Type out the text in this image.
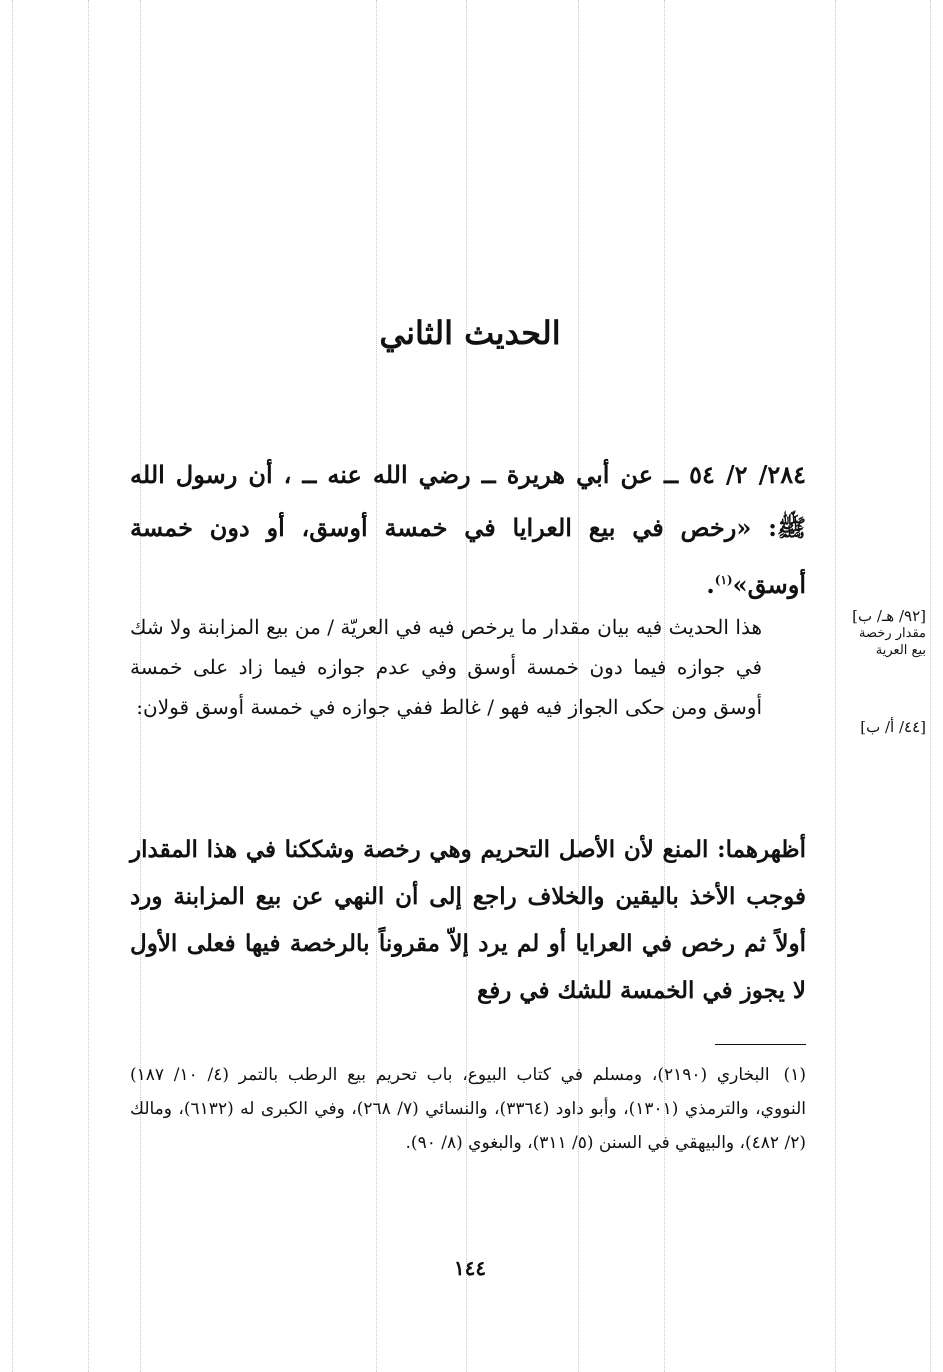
الحديث الثاني

٢٨٤/ ٢/ ٥٤ ــ عن أبي هريرة ــ رضي الله عنه ــ ، أن رسول الله ﷺ: «رخص في بيع العرايا في خمسة أوسق، أو دون خمسة أوسق»$^{(١)}$.

[٩٢/ هـ/ ب]
مقدار رخصة
بيع العرية
[٤٤/ أ/ ب]

هذا الحديث فيه بيان مقدار ما يرخص فيه في العريّة / من بيع المزابنة ولا شك في جوازه فيما دون خمسة أوسق وفي عدم جوازه فيما زاد على خمسة أوسق ومن حكى الجواز فيه فهو / غالط ففي جوازه في خمسة أوسق قولان:

أظهرهما: المنع لأن الأصل التحريم وهي رخصة وشككنا في هذا المقدار فوجب الأخذ باليقين والخلاف راجع إلى أن النهي عن بيع المزابنة ورد أولاً ثم رخص في العرايا أو لم يرد إلاّ مقروناً بالرخصة فيها فعلى الأول لا يجوز في الخمسة للشك في رفع

(١)البخاري (٢١٩٠)، ومسلم في كتاب البيوع، باب تحريم بيع الرطب بالتمر (٤/ ١٠/ ١٨٧) النووي، والترمذي (١٣٠١)، وأبو داود (٣٣٦٤)، والنسائي (٧/ ٢٦٨)، وفي الكبرى له (٦١٣٢)، ومالك (٢/ ٤٨٢)، والبيهقي في السنن (٥/ ٣١١)، والبغوي (٨/ ٩٠).

١٤٤
